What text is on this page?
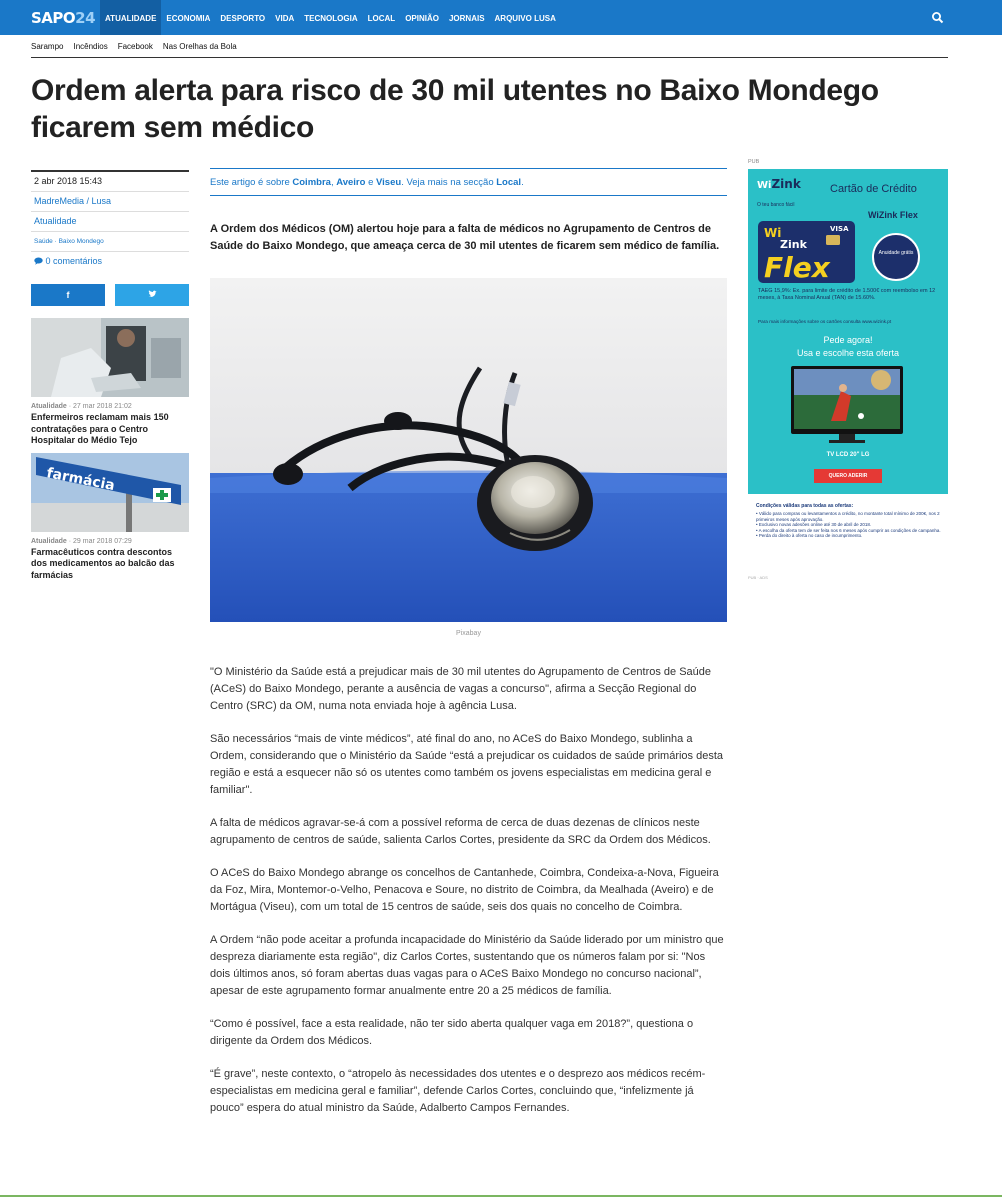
SAPO24	ATUALIDADE	ECONOMIA	DESPORTO	VIDA	TECNOLOGIA	LOCAL	OPINIÃO	JORNAIS	ARQUIVO LUSA
Sarampo Incêndios Facebook Nas Orelhas da Bola
Ordem alerta para risco de 30 mil utentes no Baixo Mondego ficarem sem médico
2 abr 2018 15:43
MadreMedia / Lusa
Atualidade
Saúde · Baixo Mondego
0 comentários
f
Atualidade · 27 mar 2018 21:02
Enfermeiros reclamam mais 150 contratações para o Centro Hospitalar do Médio Tejo
farmácia
Atualidade · 29 mar 2018 07:29
Farmacêuticos contra descontos dos medicamentos ao balcão das farmácias
Este artigo é sobre Coimbra, Aveiro e Viseu. Veja mais na secção Local.

A Ordem dos Médicos (OM) alertou hoje para a falta de médicos no Agrupamento de Centros de Saúde do Baixo Mondego, que ameaça cerca de 30 mil utentes de ficarem sem médico de família.

Pixabay

"O Ministério da Saúde está a prejudicar mais de 30 mil utentes do Agrupamento de Centros de Saúde (ACeS) do Baixo Mondego, perante a ausência de vagas a concurso", afirma a Secção Regional do Centro (SRC) da OM, numa nota enviada hoje à agência Lusa.

São necessários “mais de vinte médicos”, até final do ano, no ACeS do Baixo Mondego, sublinha a Ordem, considerando que o Ministério da Saúde “está a prejudicar os cuidados de saúde primários desta região e está a esquecer não só os utentes como também os jovens especialistas em medicina geral e familiar".

A falta de médicos agravar-se-á com a possível reforma de cerca de duas dezenas de clínicos neste agrupamento de centros de saúde, salienta Carlos Cortes, presidente da SRC da Ordem dos Médicos.

O ACeS do Baixo Mondego abrange os concelhos de Cantanhede, Coimbra, Condeixa-a-Nova, Figueira da Foz, Mira, Montemor-o-Velho, Penacova e Soure, no distrito de Coimbra, da Mealhada (Aveiro) e de Mortágua (Viseu), com um total de 15 centros de saúde, seis dos quais no concelho de Coimbra.

A Ordem “não pode aceitar a profunda incapacidade do Ministério da Saúde liderado por um ministro que despreza diariamente esta região", diz Carlos Cortes, sustentando que os números falam por si: "Nos dois últimos anos, só foram abertas duas vagas para o ACeS Baixo Mondego no concurso nacional”, apesar de este agrupamento formar anualmente entre 20 a 25 médicos de família.

“Como é possível, face a esta realidade, não ter sido aberta qualquer vaga em 2018?”, questiona o dirigente da Ordem dos Médicos.

“É grave”, neste contexto, o “atropelo às necessidades dos utentes e o desprezo aos médicos recém-especialistas em medicina geral e familiar”, defende Carlos Cortes, concluindo que, “infelizmente já pouco” espera do atual ministro da Saúde, Adalberto Campos Fernandes.

PUB
WiZink
O teu banco fácil
Cartão de Crédito
WiZink Flex
Wi
Zink
Flex
VISA
Anuidade grátis
TAEG 15,9%: Ex. para limite de crédito de 1.500€ com reembolso em 12 meses, à Taxa Nominal Anual (TAN) de 15.60%.
Para mais informações sobre os cartões consulta www.wizink.pt
Pede agora!
Usa e escolhe esta oferta
TV LCD 20" LG
QUERO ADERIR
Condições válidas para todas as ofertas:
• Válido para compras ou levantamentos a crédito, no montante total mínimo de 200€, nos 2 primeiros meses após aprovação.
• Exclusivo novas adesões online até 30 de abril de 2018.
• A escolha da oferta tem de ser feita nos 6 meses após cumprir as condições de campanha.
• Perda do direito à oferta no caso de incumprimento.
PUB · ADS
